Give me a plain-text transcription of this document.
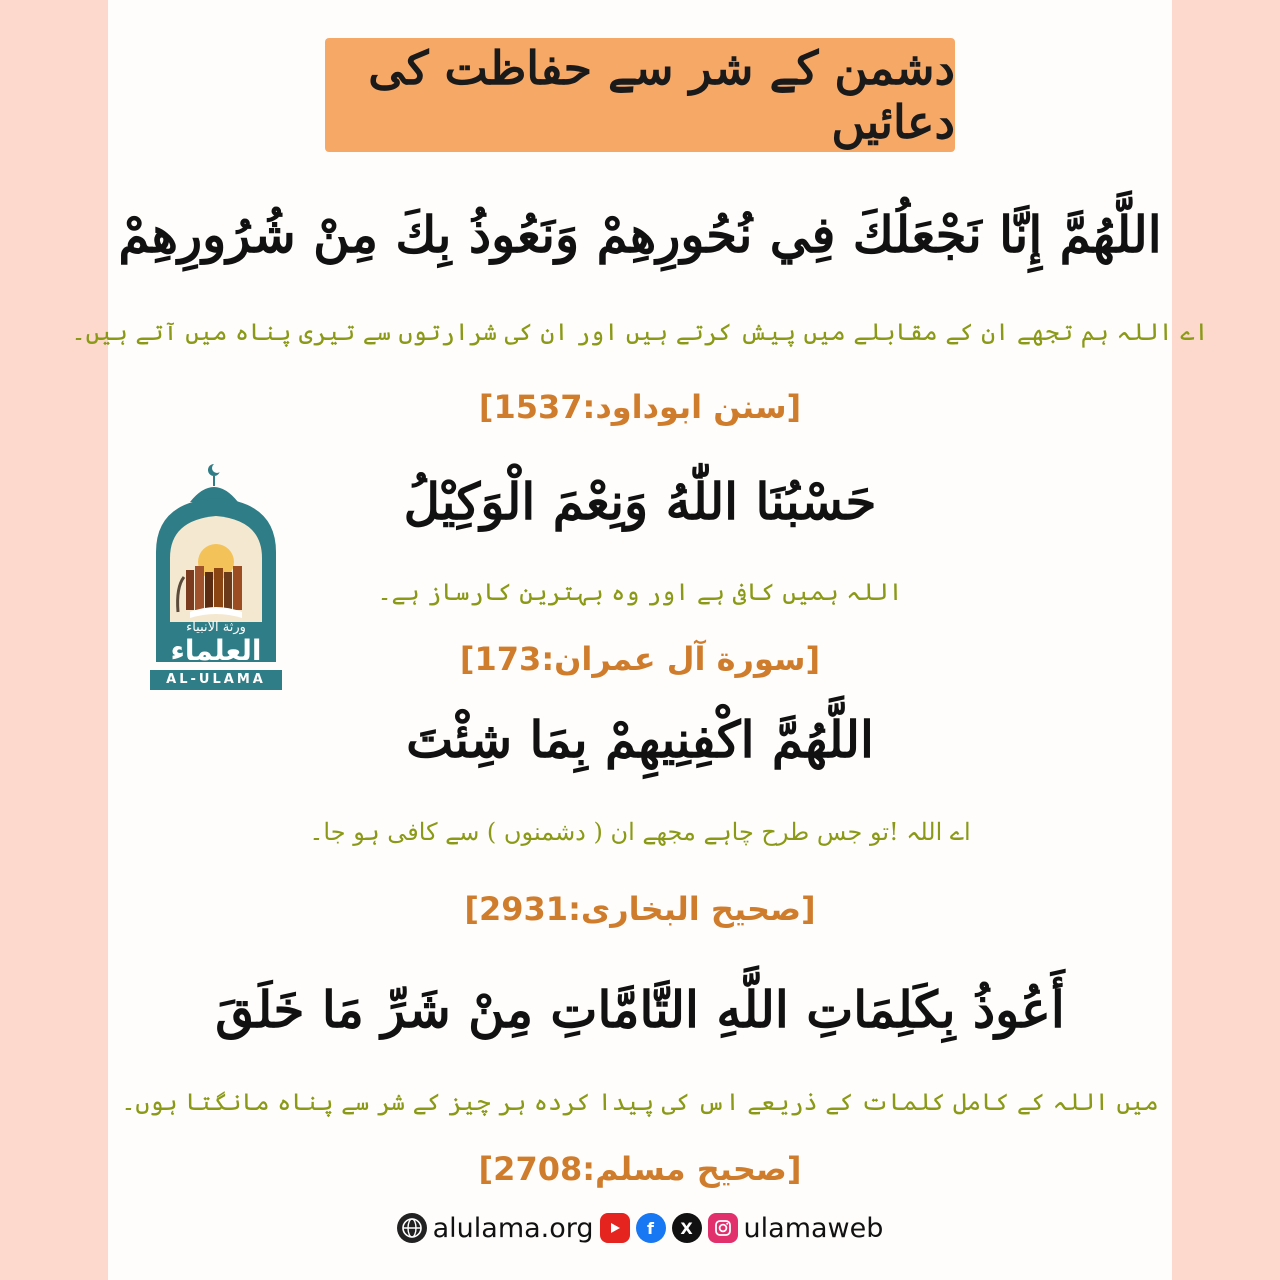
دشمن کے شر سے حفاظت کی دعائیں
اللَّهُمَّ إِنَّا نَجْعَلُكَ فِي نُحُورِهِمْ وَنَعُوذُ بِكَ مِنْ شُرُورِهِمْ
اے اللہ ہم تجھے ان کے مقابلے میں پیش کرتے ہیں اور ان کی شرارتوں سے تیری پناہ میں آتے ہیں۔
[سنن ابوداود:1537]
حَسْبُنَا اللّٰهُ وَنِعْمَ الْوَكِيْلُ
اللہ ہمیں کافی ہے اور وہ بہترین کارساز ہے۔
[سورة آل عمران:173]
اللَّهُمَّ اكْفِنِيهِمْ بِمَا شِئْتَ
اے اللہ !تو جس طرح چاہے مجھے ان ( دشمنوں ) سے کافی ہو جا۔
[صحيح البخاری:2931]
أَعُوذُ بِكَلِمَاتِ اللَّهِ التَّامَّاتِ مِنْ شَرِّ مَا خَلَقَ
میں اللہ کے کامل کلمات کے ذریعے اس کی پیدا کردہ ہر چیز کے شر سے پناہ مانگتا ہوں۔
[صحیح مسلم:2708]
ورثة الانبياء
العلماء
AL-ULAMA
alulama.org	f	X	ulamaweb
